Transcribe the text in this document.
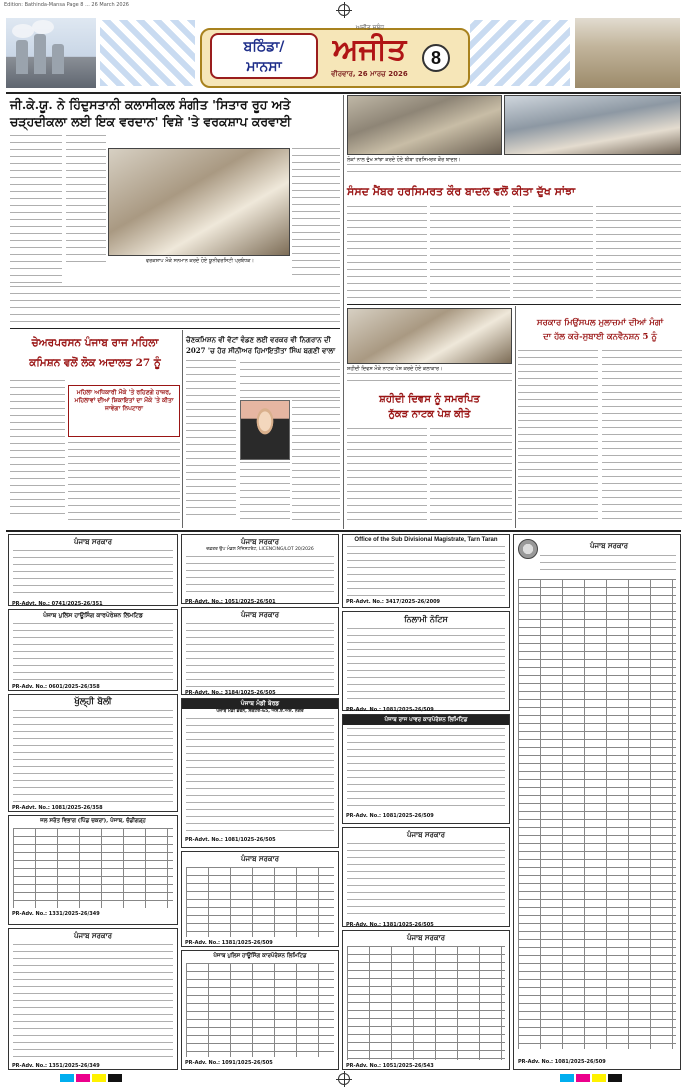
Edition: Bathinda-Mansa Page 8 ... 26 March 2026
ਬਠਿੰਡਾ/
ਮਾਨਸਾ
ਅਜੀਤ ਸਬੰਧ
ਅਜੀਤ
ਵੀਰਵਾਰ, 26 ਮਾਰਚ 2026
8
ਜੀ.ਕੇ.ਯੂ. ਨੇ ਹਿੰਦੁਸਤਾਨੀ ਕਲਾਸੀਕਲ ਸੰਗੀਤ 'ਸਿਤਾਰ ਰੂਹ ਅਤੇ
ਚੜ੍ਹਦੀਕਲਾ ਲਈ ਇਕ ਵਰਦਾਨ' ਵਿਸ਼ੇ 'ਤੇ ਵਰਕਸ਼ਾਪ ਕਰਵਾਈ
ਵਰਕਸ਼ਾਪ ਮੌਕੇ ਸਨਮਾਨ ਕਰਦੇ ਹੋਏ ਯੂਨੀਵਰਸਿਟੀ ਪ੍ਰਬੰਧਕ।
ਚੇਅਰਪਰਸਨ ਪੰਜਾਬ ਰਾਜ ਮਹਿਲਾ
ਕਮਿਸ਼ਨ ਵਲੋਂ ਲੋਕ ਅਦਾਲਤ 27 ਨੂੰ
ਮਹਿਲਾ ਅਧਿਕਾਰੀ ਮੌਕੇ 'ਤੇ ਰਹਿਣਗੇ ਹਾਜ਼ਰ, ਮਹਿਲਾਵਾਂ ਦੀਆਂ ਸ਼ਿਕਾਇਤਾਂ ਦਾ ਮੌਕੇ 'ਤੇ ਕੀਤਾ ਜਾਵੇਗਾ ਨਿਪਟਾਰਾ
ਚੋਣਕਮਿਸ਼ਨ ਵੀ ਵੋਟਾਂ ਵੰਡਣ ਲਈ ਵਰਕਰ ਵੀ ਨਿਗਰਾਨ ਦੀ
2027 'ਚ ਹੋਰ ਸੀਨੀਅਰ ਹਿਮਾਇਤੀਤਾ ਸਿੰਘ ਬਗਣੀ ਵਾਲਾ
ਲੋਕਾਂ ਨਾਲ ਦੁੱਖ ਸਾਂਝਾ ਕਰਦੇ ਹੋਏ ਬੀਬਾ ਹਰਸਿਮਰਤ ਕੌਰ ਬਾਦਲ।
ਸੰਸਦ ਮੈਂਬਰ ਹਰਸਿਮਰਤ ਕੌਰ ਬਾਦਲ ਵਲੋਂ ਕੀਤਾ ਦੁੱਖ ਸਾਂਝਾ
ਸ਼ਹੀਦੀ ਦਿਵਸ ਮੌਕੇ ਨਾਟਕ ਪੇਸ਼ ਕਰਦੇ ਹੋਏ ਕਲਾਕਾਰ।
ਸ਼ਹੀਦੀ ਦਿਵਸ ਨੂੰ ਸਮਰਪਿਤ
ਨੁੱਕੜ ਨਾਟਕ ਪੇਸ਼ ਕੀਤੇ
ਸਰਕਾਰ ਮਿਉਂਸਪਲ ਮੁਲਾਜ਼ਮਾਂ ਦੀਆਂ ਮੰਗਾਂ
ਦਾ ਹੱਲ ਕਰੇ-ਸੁਬਾਈ ਕਨਵੈਨਸ਼ਨ 5 ਨੂੰ
ਪੰਜਾਬ ਸਰਕਾਰ
PR-Advt. No.: 0741/2025-26/351
ਪੰਜਾਬ ਪੁਲਿਸ ਹਾਊਸਿੰਗ ਕਾਰਪੋਰੇਸ਼ਨ ਲਿਮਟਿਡ
PR-Adv. No.: 0601/2025-26/358
ਖੁੱਲ੍ਹੀ ਬੋਲੀ
PR-Advt. No.: 1081/2025-26/358
ਜਲ ਸਰੋਤ ਵਿਭਾਗ (ਪਿੰਡ ਚਕਰਾ), ਪੰਜਾਬ, ਚੰਡੀਗੜ੍ਹ
PR-Adv. No.: 1331/2025-26/349
ਪੰਜਾਬ ਸਰਕਾਰ
PR-Adv. No.: 1351/2025-26/349
ਪੰਜਾਬ ਸਰਕਾਰ
ਦਫ਼ਤਰ ਉਪ ਮੰਡਲ ਮੈਜਿਸਟਰੇਟ, LICENCING/LOT 20/2026
PR-Advt. No.: 1051/2025-26/501
ਪੰਜਾਬ ਸਰਕਾਰ
PR-Advt. No.: 3184/1025-26/505
ਪੰਜਾਬ ਮੰਡੀ ਬੋਰਡ
ਪੰਜਾਬ ਮੰਡੀ ਭਵਨ, ਸੈਕਟਰ-65, ਐਸ.ਏ.ਐਸ. ਨਗਰ
PR-Advt. No.: 1081/1025-26/505
ਪੰਜਾਬ ਸਰਕਾਰ
PR-Adv. No.: 1381/1025-26/509
ਪੰਜਾਬ ਪੁਲਿਸ ਹਾਊਸਿੰਗ ਕਾਰਪੋਰੇਸ਼ਨ ਲਿਮਿਟਿਡ
PR-Adv. No.: 1091/1025-26/505
Office of the Sub Divisional Magistrate, Tarn Taran
PR-Advt. No.: 3417/2025-26/2009
ਨਿਲਾਮੀ ਨੋਟਿਸ
PR-Adv. No.: 1081/2025-26/509
ਪੰਜਾਬ ਰਾਜ ਪਾਵਰ ਕਾਰਪੋਰੇਸ਼ਨ ਲਿਮਿਟਿਡ
PR-Adv. No.: 1081/2025-26/509
ਪੰਜਾਬ ਸਰਕਾਰ
PR-Adv. No.: 1381/1025-26/505
ਪੰਜਾਬ ਸਰਕਾਰ
PR-Adv. No.: 1051/2025-26/543
ਪੰਜਾਬ ਸਰਕਾਰ
PR-Adv. No.: 1081/2025-26/509
